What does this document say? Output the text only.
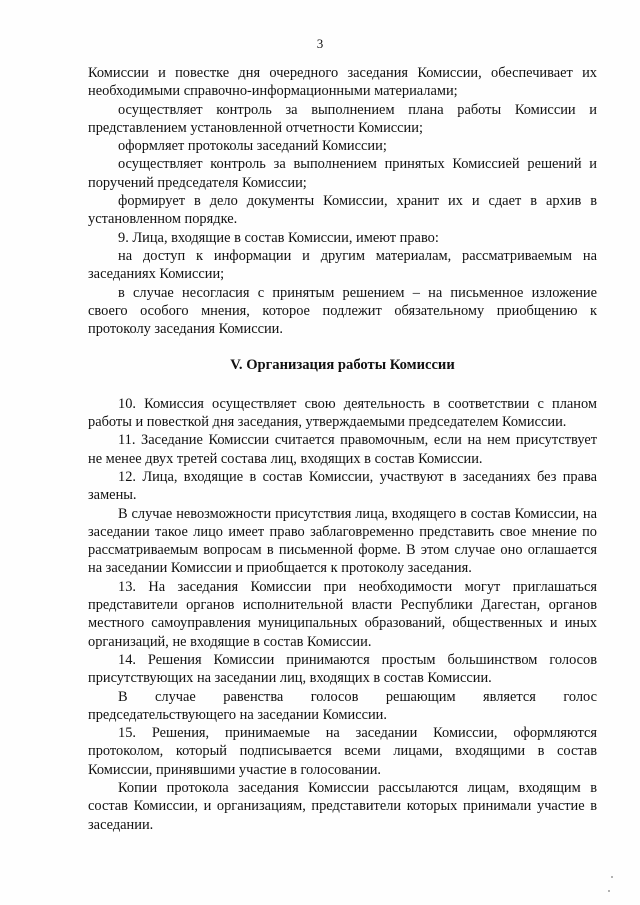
3

Комиссии и повестке дня очередного заседания Комиссии, обеспечивает их необходимыми справочно-информационными материалами;

осуществляет контроль за выполнением плана работы Комиссии и представлением установленной отчетности Комиссии;

оформляет протоколы заседаний Комиссии;

осуществляет контроль за выполнением принятых Комиссией решений и поручений председателя Комиссии;

формирует в дело документы Комиссии, хранит их и сдает в архив в установленном порядке.

9. Лица, входящие в состав Комиссии, имеют право:

на доступ к информации и другим материалам, рассматриваемым на заседаниях Комиссии;

в случае несогласия с принятым решением – на письменное изложение своего особого мнения, которое подлежит обязательному приобщению к протоколу заседания Комиссии.

V. Организация работы Комиссии

10. Комиссия осуществляет свою деятельность в соответствии с планом работы и повесткой дня заседания, утверждаемыми председателем Комиссии.

11. Заседание Комиссии считается правомочным, если на нем присутствует не менее двух третей состава лиц, входящих в состав Комиссии.

12. Лица, входящие в состав Комиссии, участвуют в заседаниях без права замены.

В случае невозможности присутствия лица, входящего в состав Комиссии, на заседании такое лицо имеет право заблаговременно представить свое мнение по рассматриваемым вопросам в письменной форме. В этом случае оно оглашается на заседании Комиссии и приобщается к протоколу заседания.

13. На заседания Комиссии при необходимости могут приглашаться представители органов исполнительной власти Республики Дагестан, органов местного самоуправления муниципальных образований, общественных и иных организаций, не входящие в состав Комиссии.

14. Решения Комиссии принимаются простым большинством голосов присутствующих на заседании лиц, входящих в состав Комиссии.

В случае равенства голосов решающим является голос председательствующего на заседании Комиссии.

15. Решения, принимаемые на заседании Комиссии, оформляются протоколом, который подписывается всеми лицами, входящими в состав Комиссии, принявшими участие в голосовании.

Копии протокола заседания Комиссии рассылаются лицам, входящим в состав Комиссии, и организациям, представители которых принимали участие в заседании.
